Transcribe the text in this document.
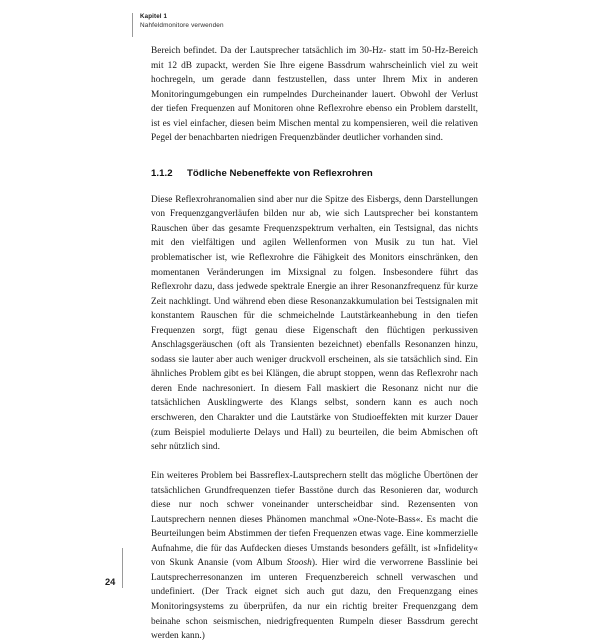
Kapitel 1
Nahfeldmonitore verwenden

Bereich befindet. Da der Lautsprecher tatsächlich im 30-Hz- statt im 50-Hz-Bereich mit 12 dB zupackt, werden Sie Ihre eigene Bassdrum wahrscheinlich viel zu weit hochregeln, um gerade dann festzustellen, dass unter Ihrem Mix in anderen Monitoringumgebungen ein rumpelndes Durcheinander lauert. Obwohl der Verlust der tiefen Frequenzen auf Monitoren ohne Reflexrohre ebenso ein Problem darstellt, ist es viel einfacher, diesen beim Mischen mental zu kompensieren, weil die relativen Pegel der benachbarten niedrigen Frequenzbänder deutlicher vorhanden sind.

1.1.2	Tödliche Nebeneffekte von Reflexrohren

Diese Reflexrohranomalien sind aber nur die Spitze des Eisbergs, denn Darstellungen von Frequenzgangverläufen bilden nur ab, wie sich Lautsprecher bei konstantem Rauschen über das gesamte Frequenzspektrum verhalten, ein Testsignal, das nichts mit den vielfältigen und agilen Wellenformen von Musik zu tun hat. Viel problematischer ist, wie Reflexrohre die Fähigkeit des Monitors einschränken, den momentanen Veränderungen im Mixsignal zu folgen. Insbesondere führt das Reflexrohr dazu, dass jedwede spektrale Energie an ihrer Resonanzfrequenz für kurze Zeit nachklingt. Und während eben diese Resonanzakkumulation bei Testsignalen mit konstantem Rauschen für die schmeichelnde Lautstärkeanhebung in den tiefen Frequenzen sorgt, fügt genau diese Eigenschaft den flüchtigen perkussiven Anschlagsgeräuschen (oft als Transienten bezeichnet) ebenfalls Resonanzen hinzu, sodass sie lauter aber auch weniger druckvoll erscheinen, als sie tatsächlich sind. Ein ähnliches Problem gibt es bei Klängen, die abrupt stoppen, wenn das Reflexrohr nach deren Ende nachresoniert. In diesem Fall maskiert die Resonanz nicht nur die tatsächlichen Ausklingwerte des Klangs selbst, sondern kann es auch noch erschweren, den Charakter und die Lautstärke von Studioeffekten mit kurzer Dauer (zum Beispiel modulierte Delays und Hall) zu beurteilen, die beim Abmischen oft sehr nützlich sind.

Ein weiteres Problem bei Bassreflex-Lautsprechern stellt das mögliche Übertönen der tatsächlichen Grundfrequenzen tiefer Basstöne durch das Resonieren dar, wodurch diese nur noch schwer voneinander unterscheidbar sind. Rezensenten von Lautsprechern nennen dieses Phänomen manchmal »One-Note-Bass«. Es macht die Beurteilungen beim Abstimmen der tiefen Frequenzen etwas vage. Eine kommerzielle Aufnahme, die für das Aufdecken dieses Umstands besonders gefällt, ist »Infidelity« von Skunk Anansie (vom Album Stoosh). Hier wird die verworrene Basslinie bei Lautsprecherresonanzen im unteren Frequenzbereich schnell verwaschen und undefiniert. (Der Track eignet sich auch gut dazu, den Frequenzgang eines Monitoringsystems zu überprüfen, da nur ein richtig breiter Frequenzgang dem beinahe schon seismischen, niedrigfrequenten Rumpeln dieser Bassdrum gerecht werden kann.)

24
